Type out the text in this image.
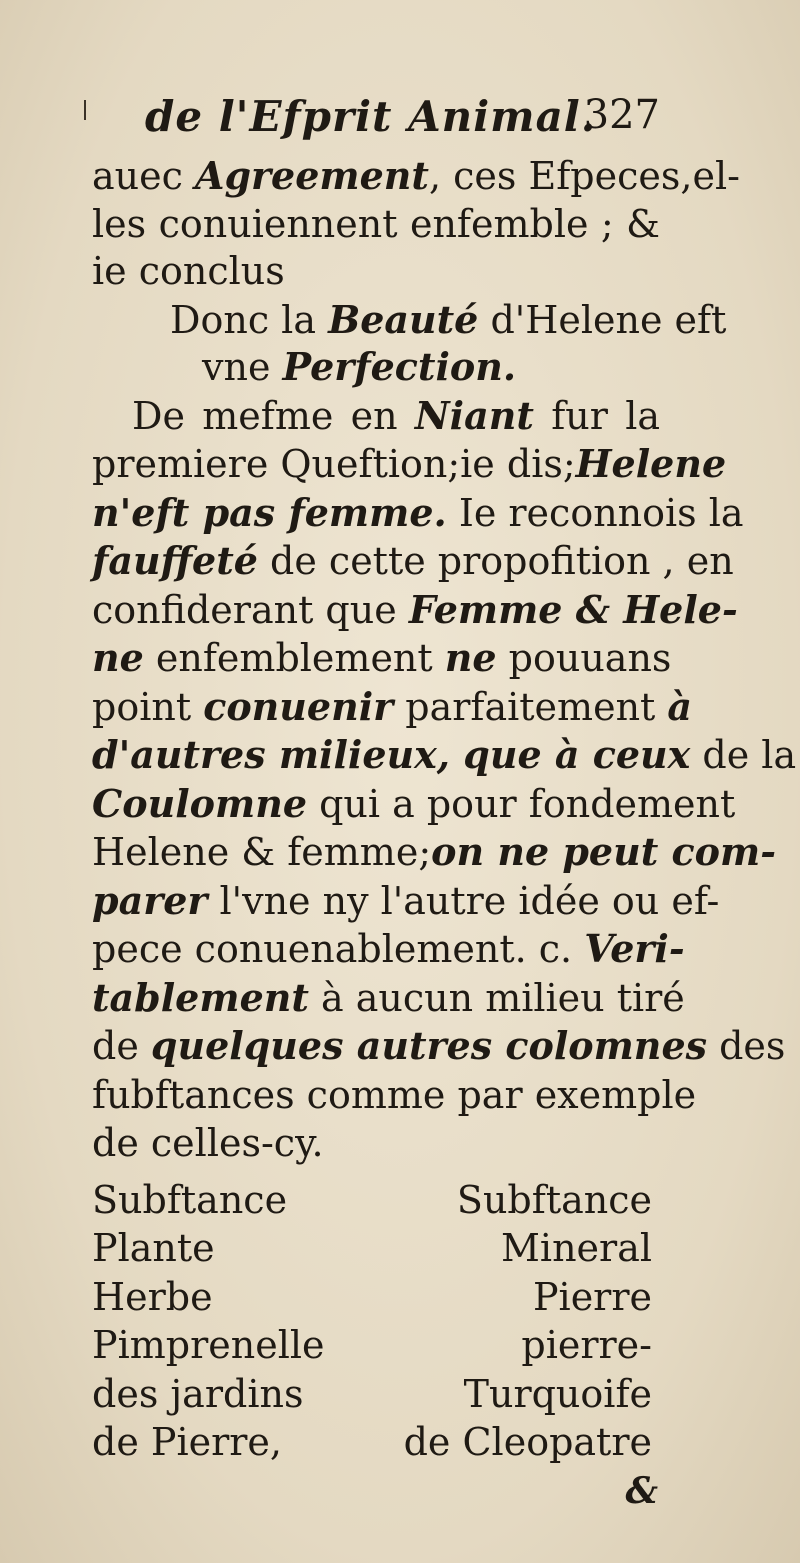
de l'Efprit Animal.
327
auec Agreement, ces Efpeces,el-
les conuiennent enfemble ; &
ie conclus
Donc la Beauté d'Helene eft
vne Perfection.
De mefme en Niant fur la
premiere Queftion;ie dis;Helene
n'eft pas femme. Ie reconnois la
fauffeté de cette propofition , en
confiderant que Femme & Hele-
ne enfemblement ne pouuans
point conuenir parfaitement à
d'autres milieux, que à ceux de la
Coulomne qui a pour fondement
Helene & femme;on ne peut com-
parer l'vne ny l'autre idée ou ef-
pece conuenablement. c. Veri-
tablement à aucun milieu tiré
de quelques autres colomnes des
fubftances comme par exemple
de celles-cy.
Subftance
Plante
Herbe
Pimprenelle
des jardins
de Pierre,
Subftance
Mineral
Pierre
pierre-
Turquoife
de Cleopatre
&
